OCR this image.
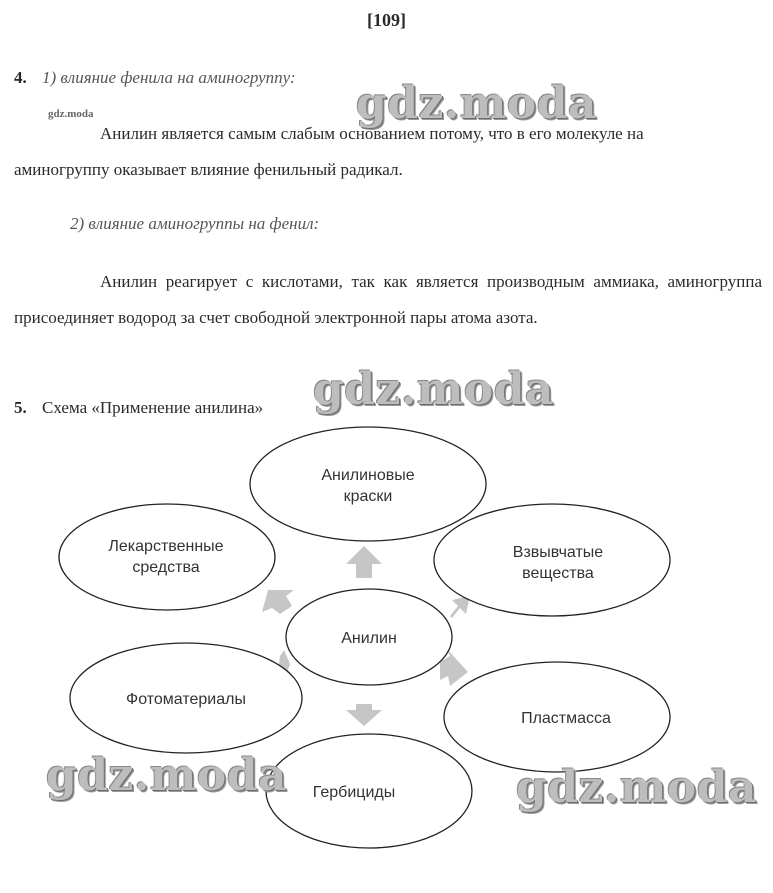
[109]
4. 1) влияние фенила на аминогруппу:
gdz.moda
Анилин является самым слабым основанием потому, что в его молекуле на
аминогруппу оказывает влияние фенильный радикал.
2) влияние аминогруппы на фенил:
Анилин реагирует с кислотами, так как является производным аммиака, аминогруппа присоединяет водород за счет свободной электронной пары атома азота.
5. Схема «Применение анилина»
Анилиновые
краски
Взвывчатые
вещества
Пластмасса
Гербициды
Фотоматериалы
Лекарственные
средства
Анилин
gdz.moda
gdz.moda
gdz.moda	gdz.moda
